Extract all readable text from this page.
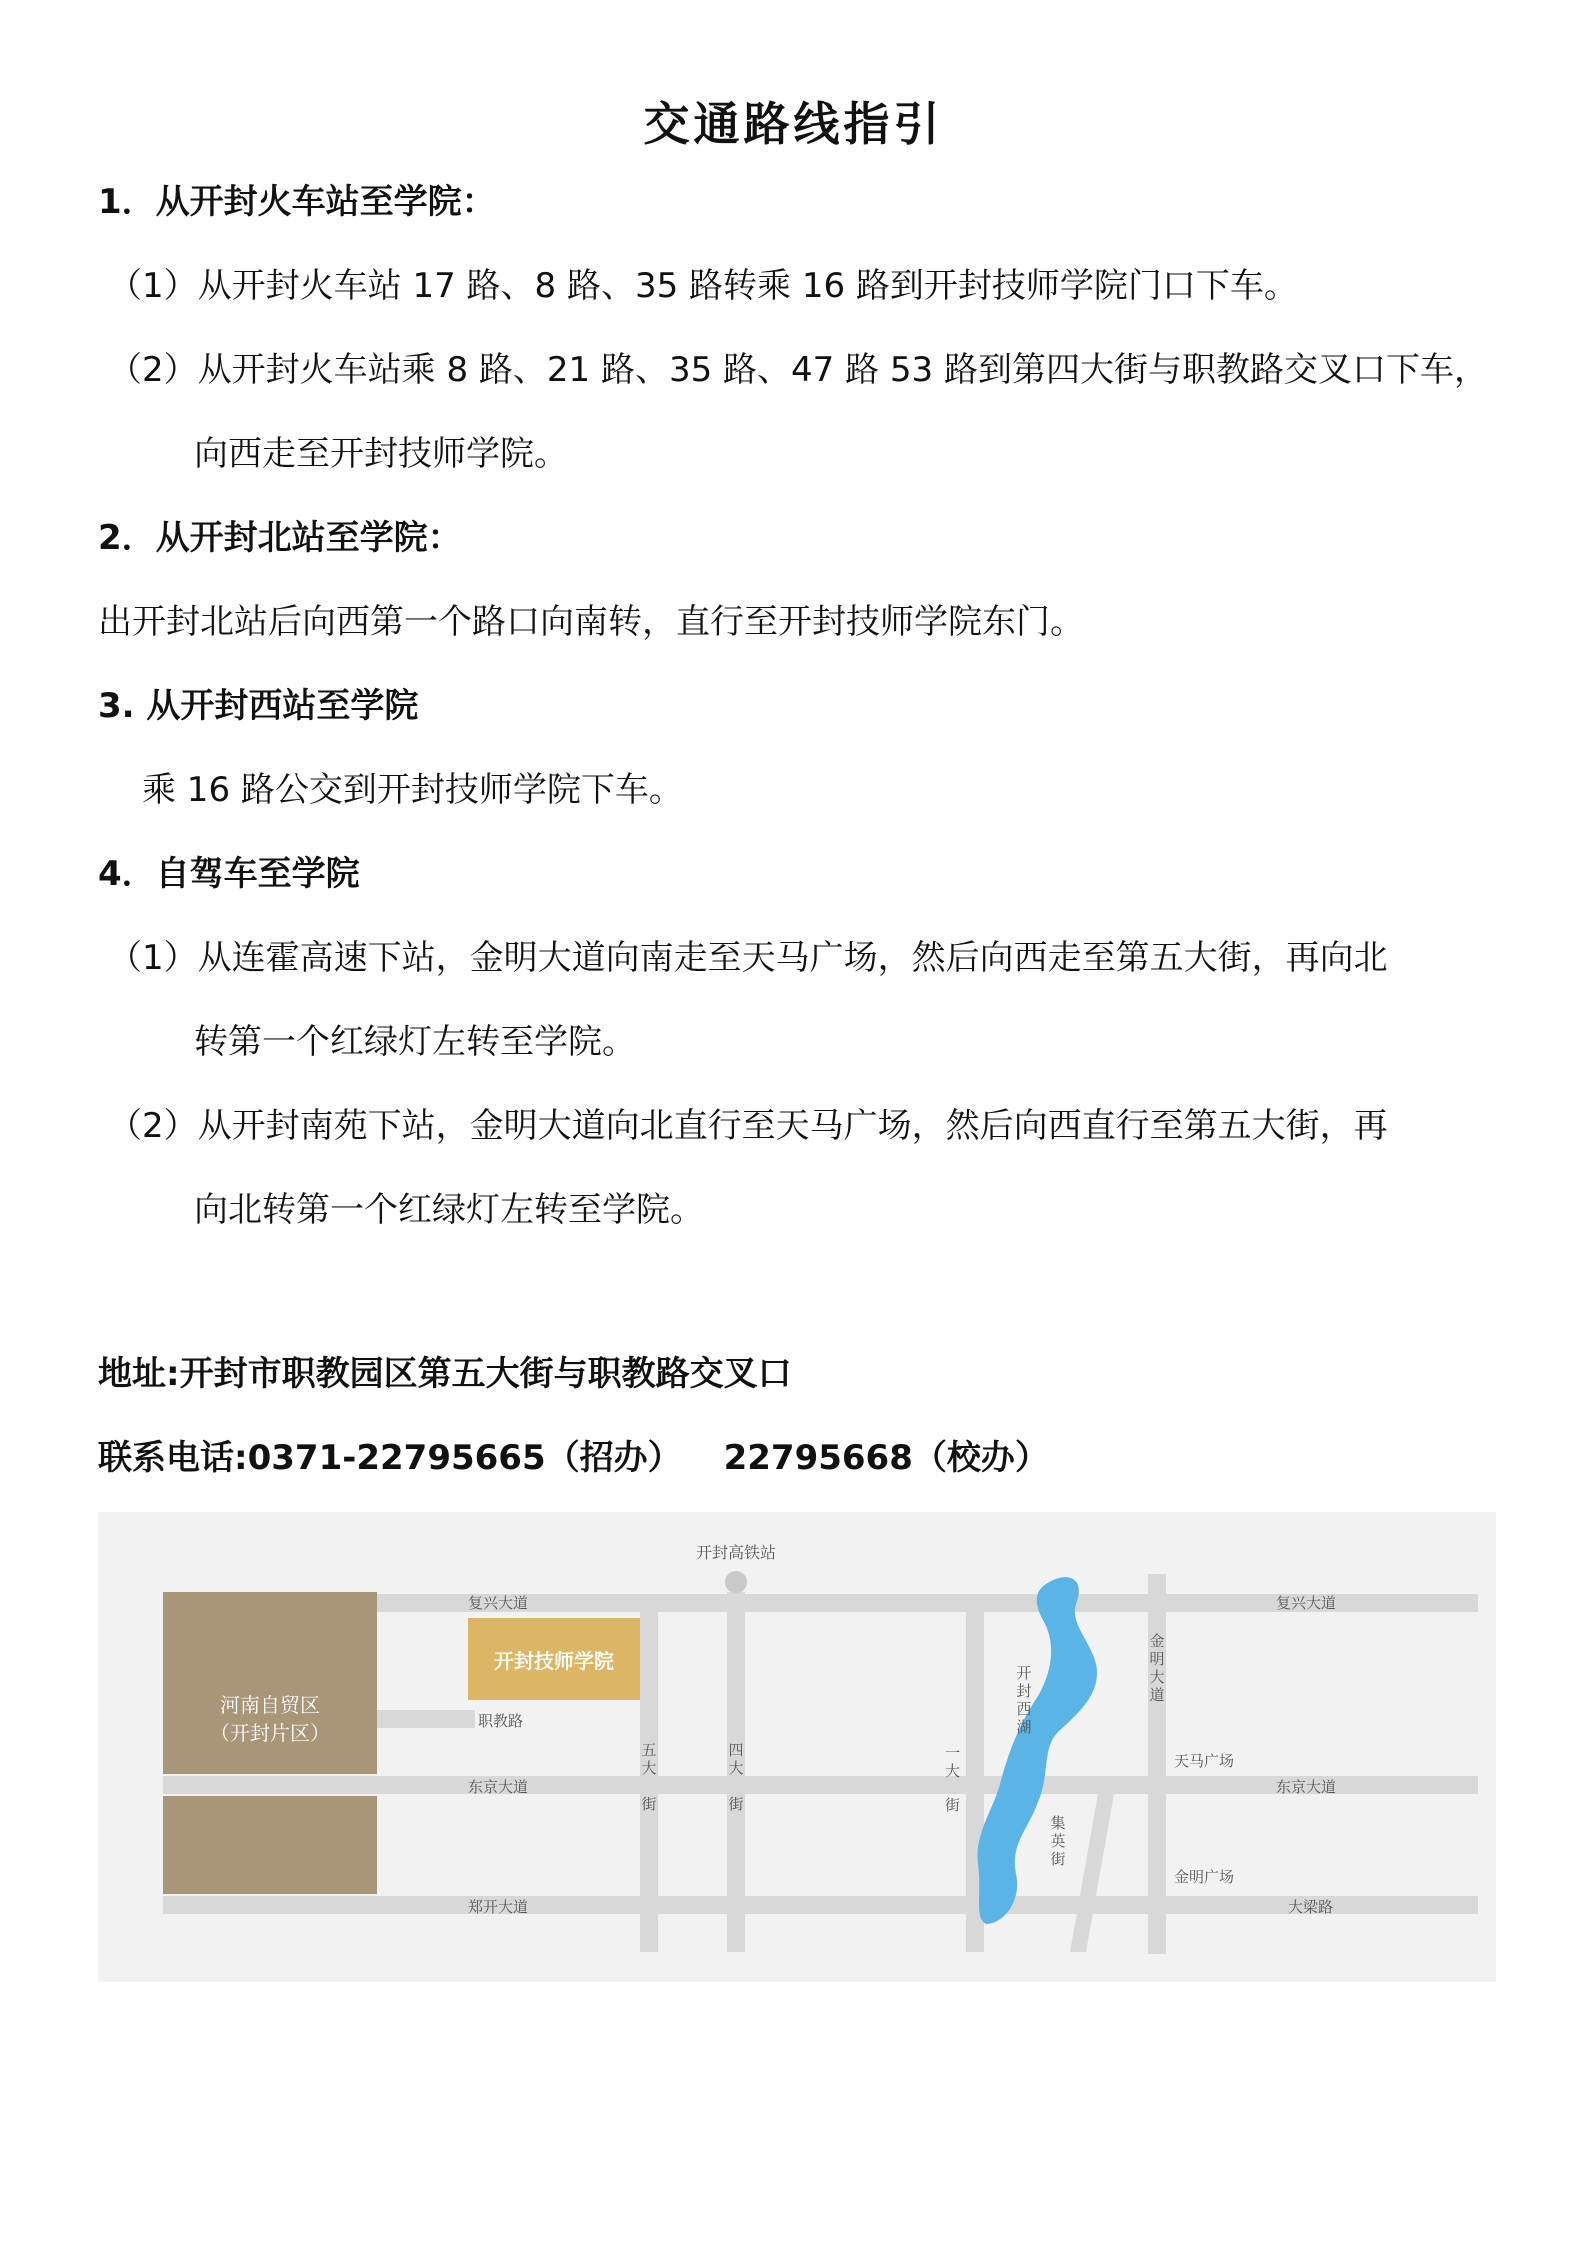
交通路线指引
1．从开封火车站至学院：
（1）从开封火车站 17 路、8 路、35 路转乘 16 路到开封技师学院门口下车。
（2）从开封火车站乘 8 路、21 路、35 路、47 路 53 路到第四大街与职教路交叉口下车，
向西走至开封技师学院。
2．从开封北站至学院：
出开封北站后向西第一个路口向南转，直行至开封技师学院东门。
3. 从开封西站至学院
乘 16 路公交到开封技师学院下车。
4．自驾车至学院
（1）从连霍高速下站，金明大道向南走至天马广场，然后向西走至第五大街，再向北
转第一个红绿灯左转至学院。
（2）从开封南苑下站，金明大道向北直行至天马广场，然后向西直行至第五大街，再
向北转第一个红绿灯左转至学院。
地址:开封市职教园区第五大街与职教路交叉口
联系电话:0371-22795665（招办） 22795668（校办）
开封高铁站
复兴大道	复兴大道
开封技师学院
河南自贸区
（开封片区）	职教路
东京大道	东京大道
郑开大道	大梁路
天马广场
金明广场
五
大
街
四
大
街
一
大
街
开
封
西
湖
金
明
大
道
集
英
街
